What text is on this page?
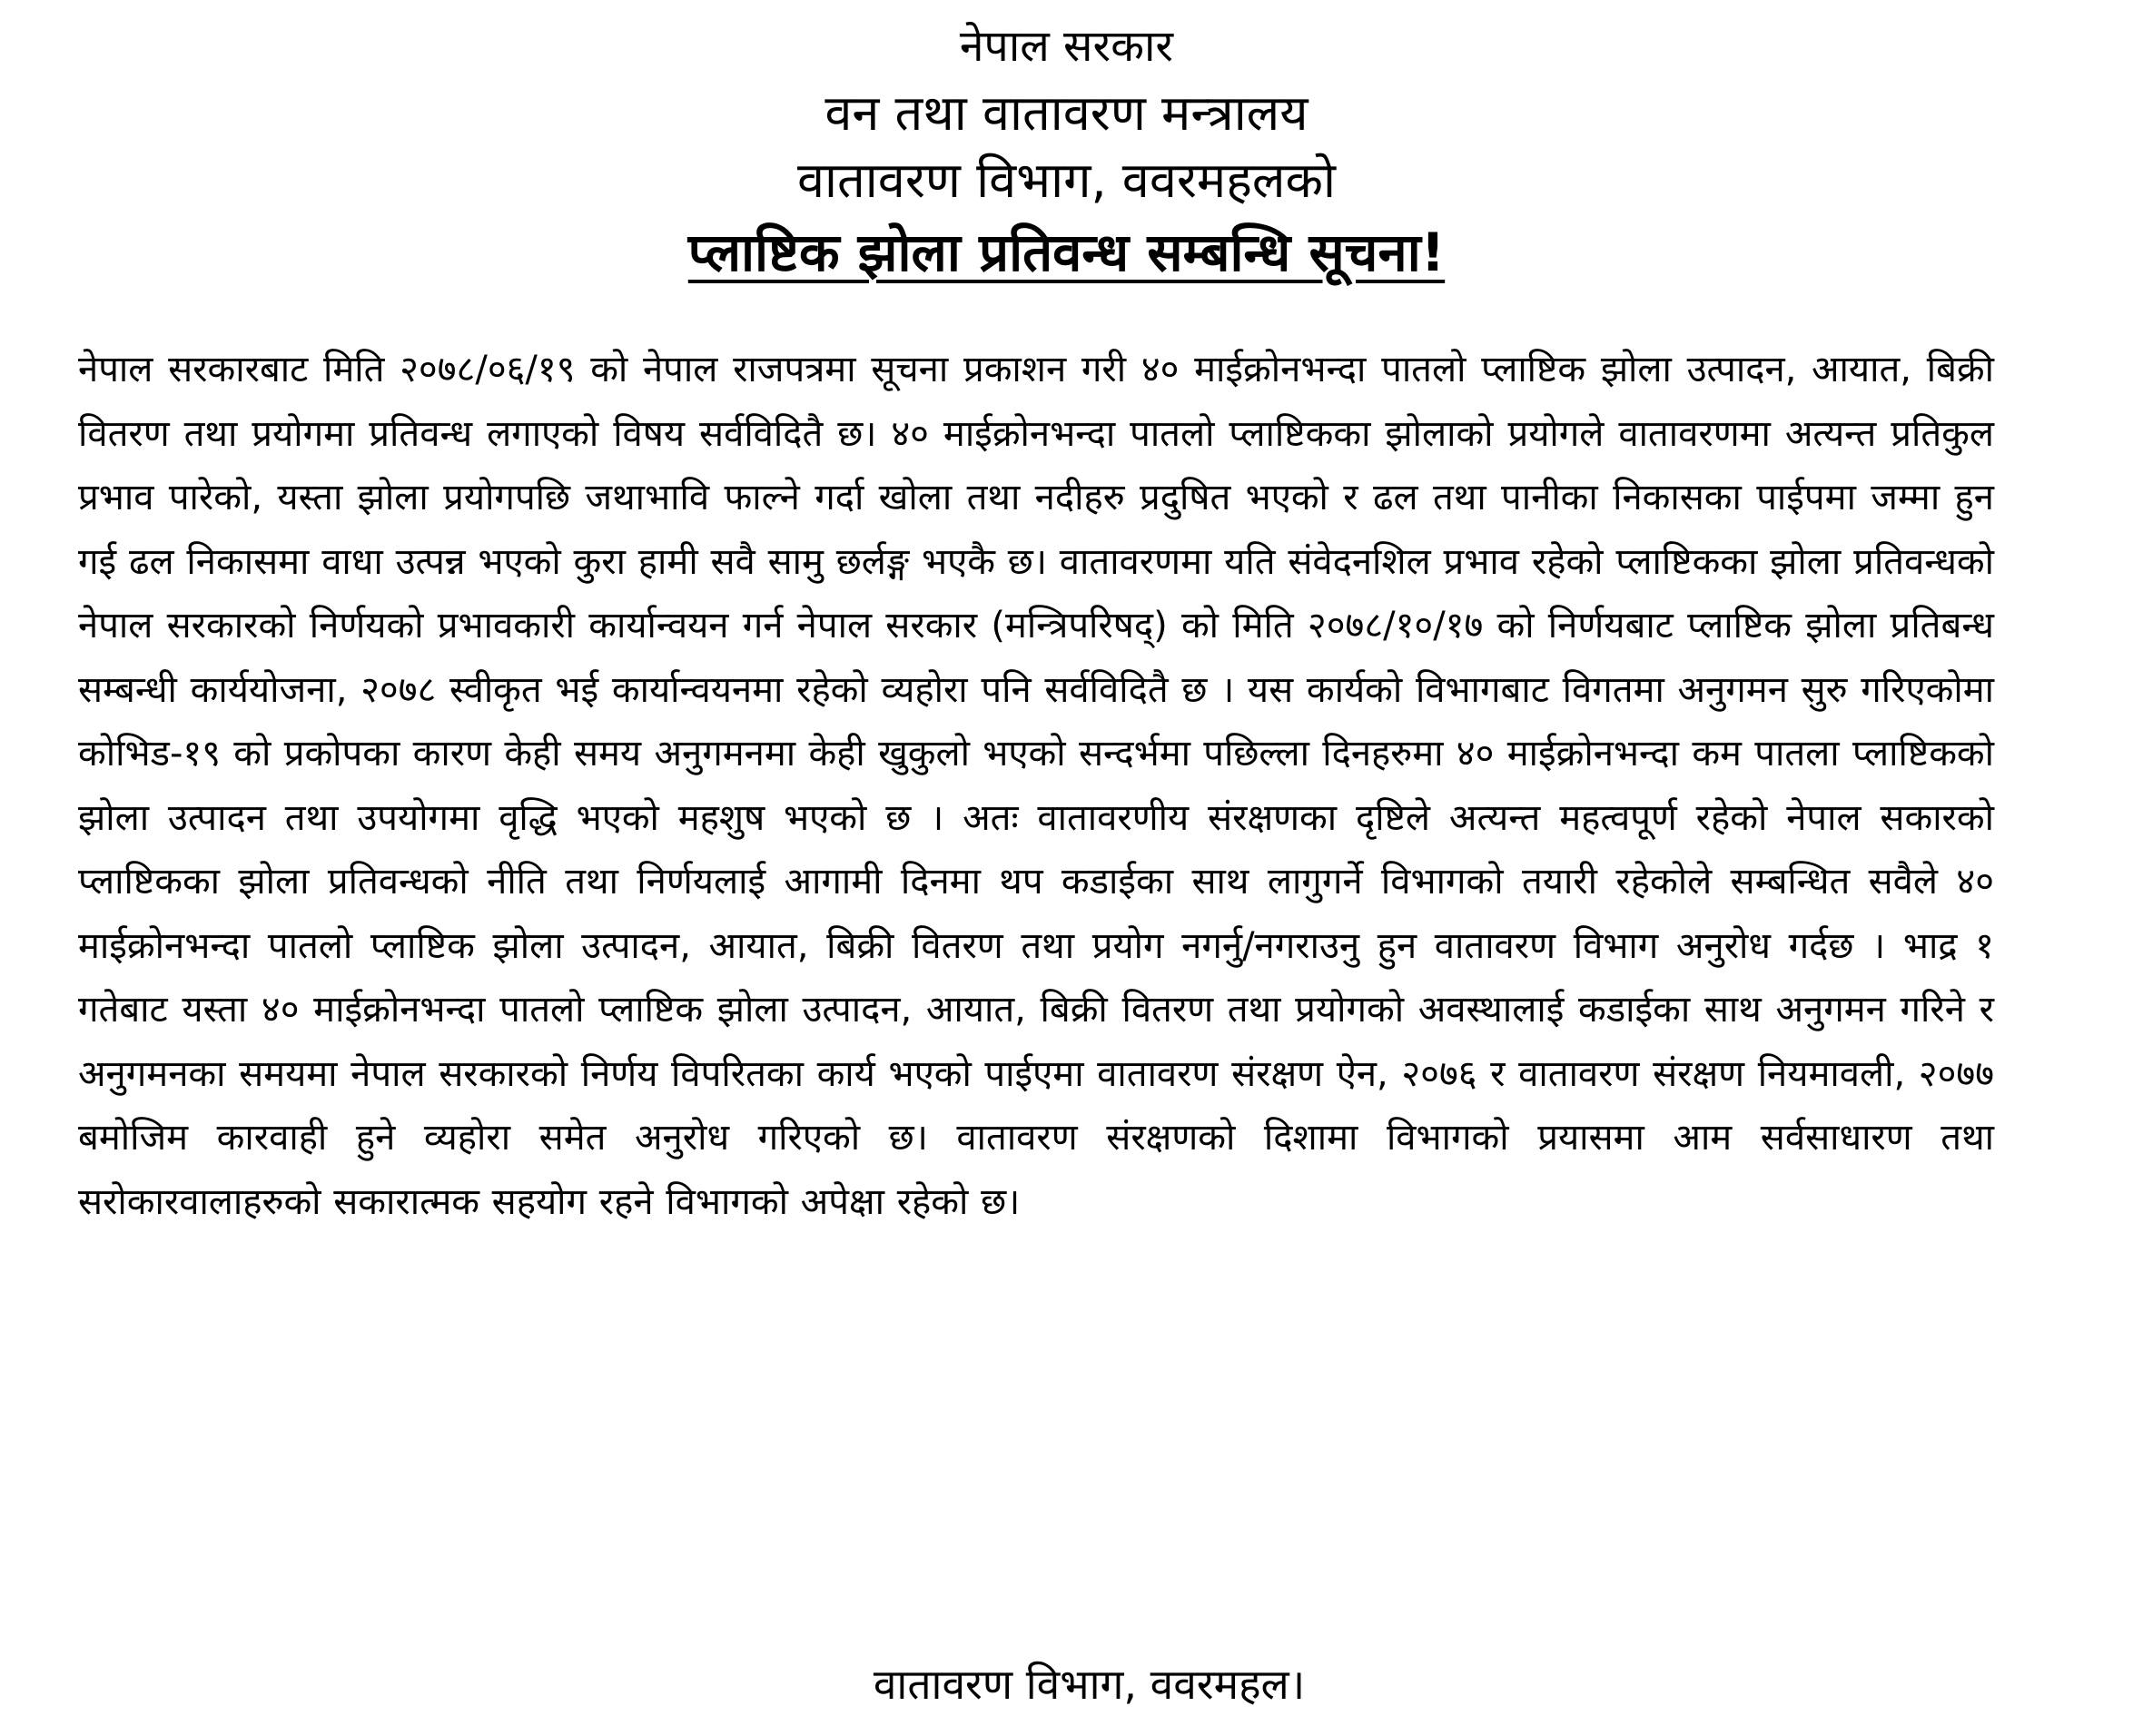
नेपाल सरकार
वन तथा वातावरण मन्त्रालय
वातावरण विभाग, ववरमहलको
प्लाष्टिक झोला प्रतिवन्ध सम्बन्धि सूचना!

नेपाल सरकारबाट मिति २०७८/०६/१९ को नेपाल राजपत्रमा सूचना प्रकाशन गरी ४० माईक्रोनभन्दा पातलो प्लाष्टिक झोला उत्पादन, आयात, बिक्री वितरण तथा प्रयोगमा प्रतिवन्ध लगाएको विषय सर्वविदितै छ। ४० माईक्रोनभन्दा पातलो प्लाष्टिकका झोलाको प्रयोगले वातावरणमा अत्यन्त प्रतिकुल प्रभाव पारेको, यस्ता झोला प्रयोगपछि जथाभावि फाल्ने गर्दा खोला तथा नदीहरु प्रदुषित भएको र ढल तथा पानीका निकासका पाईपमा जम्मा हुन गई ढल निकासमा वाधा उत्पन्न भएको कुरा हामी सवै सामु छर्लङ्ग भएकै छ। वातावरणमा यति संवेदनशिल प्रभाव रहेको प्लाष्टिकका झोला प्रतिवन्धको नेपाल सरकारको निर्णयको प्रभावकारी कार्यान्वयन गर्न नेपाल सरकार (मन्त्रिपरिषद्) को मिति २०७८/१०/१७ को निर्णयबाट प्लाष्टिक झोला प्रतिबन्ध सम्बन्धी कार्ययोजना, २०७८ स्वीकृत भई कार्यान्वयनमा रहेको व्यहोरा पनि सर्वविदितै छ । यस कार्यको विभागबाट विगतमा अनुगमन सुरु गरिएकोमा कोभिड-१९ को प्रकोपका कारण केही समय अनुगमनमा केही खुकुलो भएको सन्दर्भमा पछिल्ला दिनहरुमा ४० माईक्रोनभन्दा कम पातला प्लाष्टिकको झोला उत्पादन तथा उपयोगमा वृद्धि भएको महशुष भएको छ । अतः वातावरणीय संरक्षणका दृष्टिले अत्यन्त महत्वपूर्ण रहेको नेपाल सकारको प्लाष्टिकका झोला प्रतिवन्धको नीति तथा निर्णयलाई आगामी दिनमा थप कडाईका साथ लागुगर्ने विभागको तयारी रहेकोले सम्बन्धित सवैले ४० माईक्रोनभन्दा पातलो प्लाष्टिक झोला उत्पादन, आयात, बिक्री वितरण तथा प्रयोग नगर्नु/नगराउनु हुन वातावरण विभाग अनुरोध गर्दछ । भाद्र १ गतेबाट यस्ता ४० माईक्रोनभन्दा पातलो प्लाष्टिक झोला उत्पादन, आयात, बिक्री वितरण तथा प्रयोगको अवस्थालाई कडाईका साथ अनुगमन गरिने र अनुगमनका समयमा नेपाल सरकारको निर्णय विपरितका कार्य भएको पाईएमा वातावरण संरक्षण ऐन, २०७६ र वातावरण संरक्षण नियमावली, २०७७ बमोजिम कारवाही हुने व्यहोरा समेत अनुरोध गरिएको छ। वातावरण संरक्षणको दिशामा विभागको प्रयासमा आम सर्वसाधारण तथा सरोकारवालाहरुको सकारात्मक सहयोग रहने विभागको अपेक्षा रहेको छ।

वातावरण विभाग, ववरमहल।
